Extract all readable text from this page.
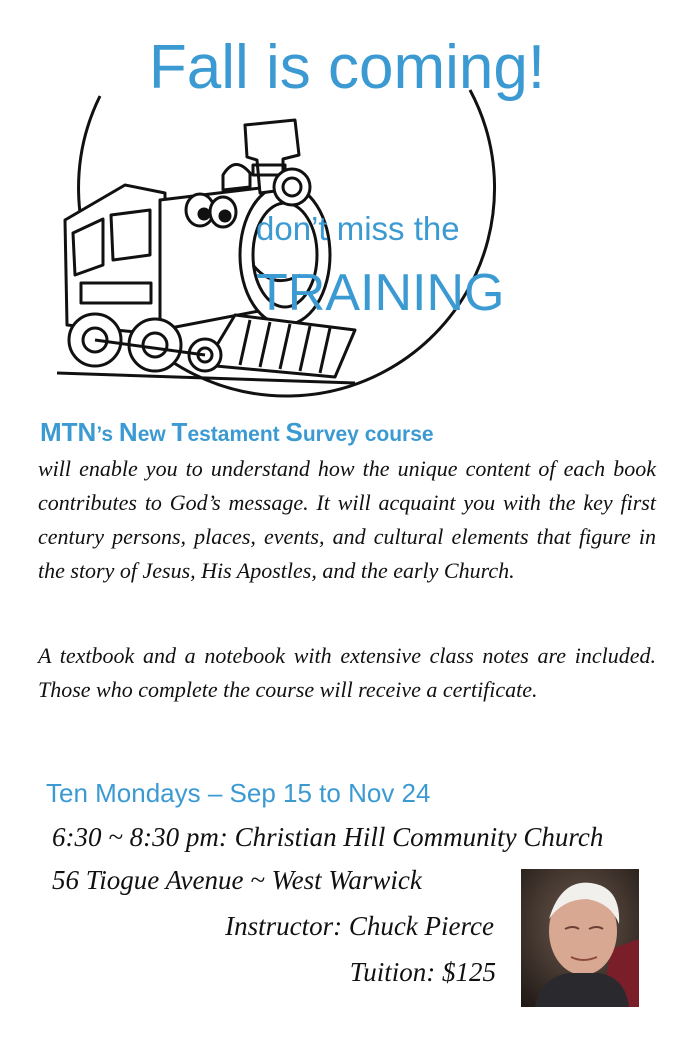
Fall is coming!
don’t miss the
TRAINING
MTN’s New Testament Survey course
will enable you to understand how the unique content of each book contributes to God’s message. It will acquaint you with the key first century persons, places, events, and cultural elements that figure in the story of Jesus, His Apostles, and the early Church.
A textbook and a notebook with extensive class notes are included. Those who complete the course will receive a certificate.
Ten Mondays – Sep 15 to Nov 24
6:30 ~ 8:30 pm: Christian Hill Community Church
56 Tiogue Avenue ~ West Warwick
Instructor: Chuck Pierce
Tuition: $125
